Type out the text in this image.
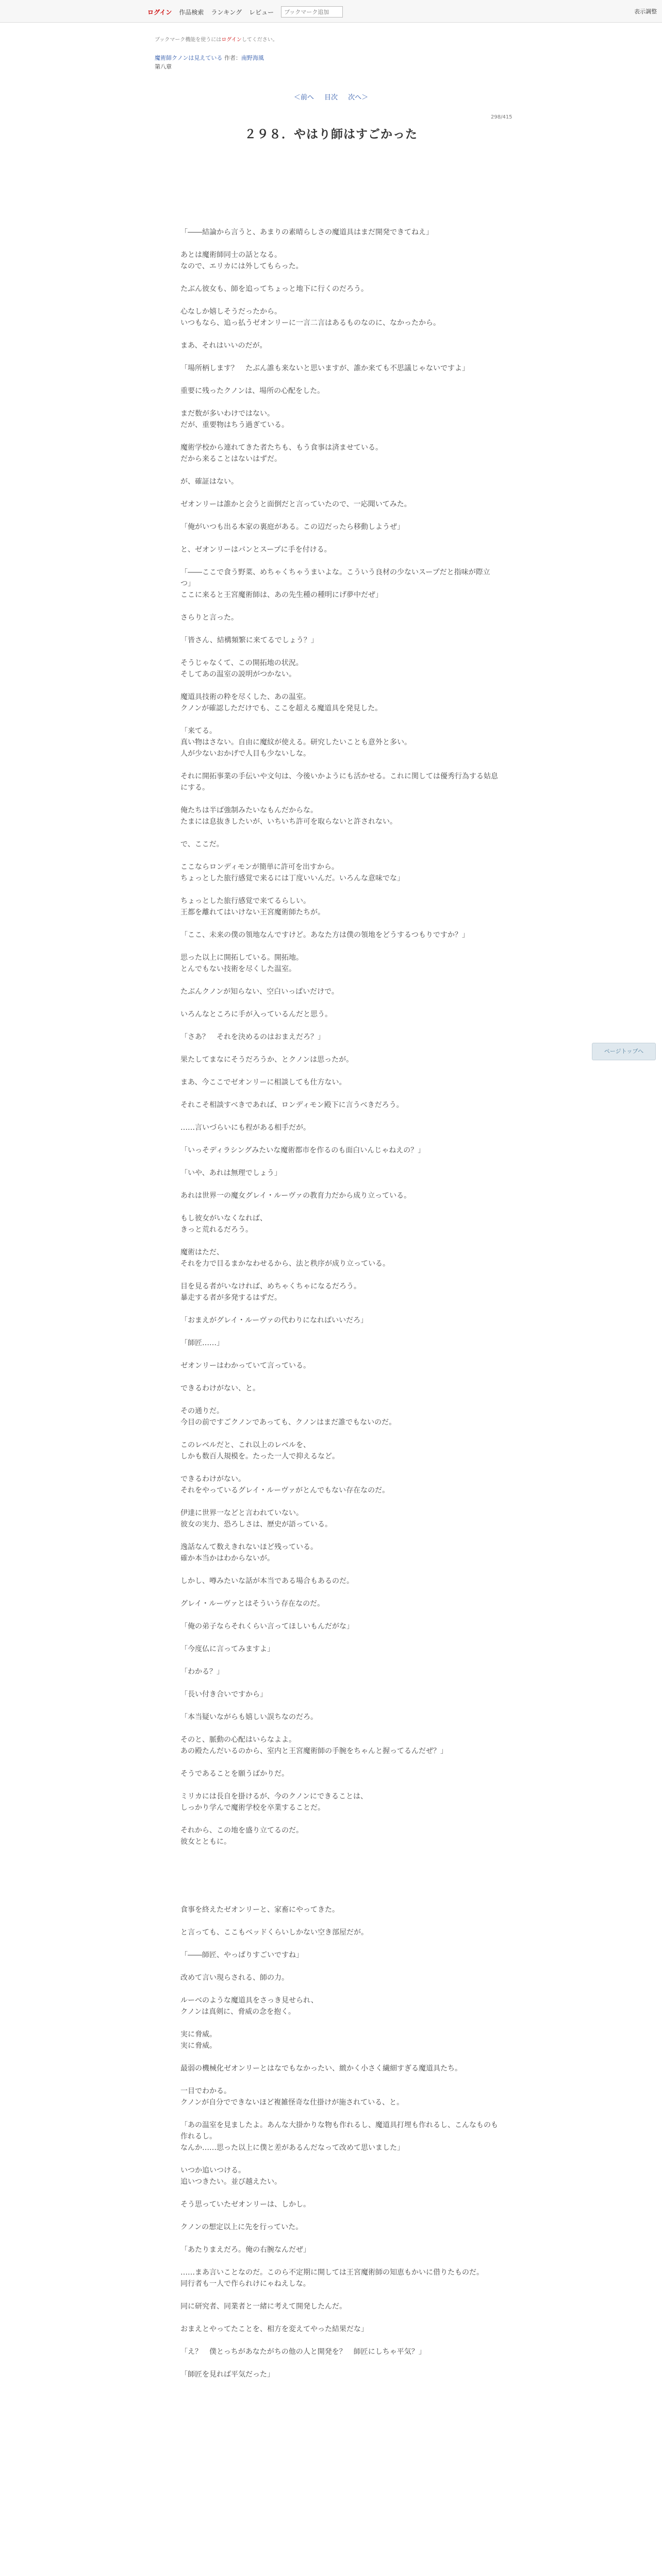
ログイン 作品検索 ランキング レビュー
ブックマーク追加	表示調整
ブックマーク機能を使うにはログインしてください。
魔術師クノンは見えている 作者：南野海風
第八章
＜前へ 目次 次へ＞
298/415
２９８．やはり師はすごかった

「――結論から言うと、あまりの素晴らしさの魔道具はまだ開発できてねえ」

あとは魔術師同士の話となる。

なので、エリカには外してもらった。

たぶん彼女も、師を追ってちょっと地下に行くのだろう。

心なしか嬉しそうだったから。

いつもなら、追っ払うゼオンリーに一言二言はあるものなのに、なかったから。

まあ、それはいいのだが。

「場所柄します？　たぶん誰も来ないと思いますが、誰か来ても不思議じゃないですよ」

重要に残ったクノンは、場所の心配をした。

まだ数が多いわけではない。

だが、重要物はちう過ぎている。

魔術学校から連れてきた者たちも、もう食事は済ませている。

だから来ることはないはずだ。

が、確証はない。

ゼオンリーは誰かと会うと面倒だと言っていたので、一応聞いてみた。

「俺がいつも出る本家の裏庭がある。この辺だったら移動しようぜ」

と、ゼオンリーはパンとスープに手を付ける。

「――ここで食う野菜、めちゃくちゃうまいよな。こういう良材の少ないスープだと指味が際立つ」

ここに来ると王宮魔術師は、あの先生種の種明にげ夢中だぜ」

さらりと言った。

「皆さん、結構頻繁に来てるでしょう？」

そうじゃなくて、この開拓地の状況。

そしてあの温室の説明がつかない。

魔道具技術の粋を尽くした、あの温室。

クノンが確認しただけでも、ここを超える魔道具を発見した。

「来てる。

真い物はさない。自由に魔紋が使える。研究したいことも意外と多い。

人が少ないおかげで人目も少ないしな。

それに開拓事業の手伝いや文句は、今後いかようにも活かせる。これに関しては優秀行為する姑息にする。

俺たちは半ば強制みたいなもんだからな。

たまには息抜きしたいが、いちいち許可を取らないと許されない。

で、ここだ。

ここならロンディモンが簡単に許可を出すから。

ちょっとした旅行感覚で来るには丁度いいんだ。いろんな意味でな」

ちょっとした旅行感覚で来てるらしい。

王都を離れてはいけない王宮魔術師たちが。

「ここ、未来の僕の領地なんですけど。あなた方は僕の領地をどうするつもりですか？」

思った以上に開拓している。開拓地。

とんでもない技術を尽くした温室。

たぶんクノンが知らない、空白いっぱいだけで。

いろんなところに手が入っているんだと思う。

「さあ？　それを決めるのはおまえだろ？」

果たしてまなにそうだろうか、とクノンは思ったが。

まあ、今ここでゼオンリーに相談しても仕方ない。

それこそ相談すべきであれば、ロンディモン殿下に言うべきだろう。

……言いづらいにも程がある相手だが。

「いっそディラシングみたいな魔術都市を作るのも面白いんじゃねえの？」

「いや、あれは無理でしょう」

あれは世界一の魔女グレイ・ルーヴァの教育力だから成り立っている。

もし彼女がいなくなれば、

きっと荒れるだろう。

魔術はただ、

それを力で目るまかなわせるから、法と秩序が成り立っている。

目を見る者がいなければ、めちゃくちゃになるだろう。

暴走する者が多発するはずだ。

「おまえがグレイ・ルーヴァの代わりになればいいだろ」

「師匠……」

ゼオンリーはわかっていて言っている。

できるわけがない、と。

その通りだ。

今目の前ですごクノンであっても、クノンはまだ誰でもないのだ。

このレベルだと、これ以上のレベルを、

しかも数百人規模を。たった一人で抑えるなど。

できるわけがない。

それをやっているグレイ・ルーヴァがとんでもない存在なのだ。

伊達に世界一などと言われていない。

彼女の実力、恐ろしさは、歴史が語っている。

逸話なんて数えきれないほど残っている。

確か本当かはわからないが。

しかし、噂みたいな話が本当である場合もあるのだ。

グレイ・ルーヴァとはそういう存在なのだ。

「俺の弟子ならそれくらい言ってほしいもんだがな」

「今度仏に言ってみますよ」

「わかる？」

「長い付き合いですから」

「本当疑いながらも嬉しい誤ちなのだろ。

そのと、脈動の心配はいらなよよ。

あの殿たんだいるのから、室内と王宮魔術師の手腕をちゃんと握ってるんだぜ？」

そうであることを願うばかりだ。

ミリカには長自を掛けるが、今のクノンにできることは、

しっかり学んで魔術学校を卒業することだ。

それから、この地を盛り立てるのだ。

彼女とともに。

食事を終えたゼオンリーと、家畜にやってきた。

と言っても、ここもベッドくらいしかない空き部屋だが。

「――師匠、やっぱりすごいですね」

改めて言い現らされる、師の力。

ルーベのような魔道具をさっき見せられ、

クノンは真剣に、脅威の念を抱く。

実に脅威。

実に脅威。

最弱の機械化ゼオンリーとはなでもなかったい、緻かく小さく繊細すぎる魔道具たち。

一目でわかる。

クノンが自分でできないほど複雑怪奇な仕掛けが施されている、と。

「あの温室を見ましたよ。あんな大掛かりな物も作れるし、魔道具打埋も作れるし、こんなものも作れるし。

なんか……思った以上に僕と差があるんだなって改めて思いました」

いつか追いつける。

追いつきたい。並び越えたい。

そう思っていたゼオンリーは、しかし。

クノンの想定以上に先を行っていた。

「あたりまえだろ。俺の右腕なんだぜ」

……まあ言いことなのだ。このら不定期に開しては王宮魔術師の知恵もかいに借りたものだ。

同行者も一人で作られけにゃねえしな。

同に研究者、同業者と一緒に考えて開発したんだ。

おまえとやってたことを、相方を変えてやった結果だな」

「え？　僕とっちがあなたがちの他の人と開発を？　師匠にしちゃ平気？」

「師匠を見れば平気だった」

ページトップへ
